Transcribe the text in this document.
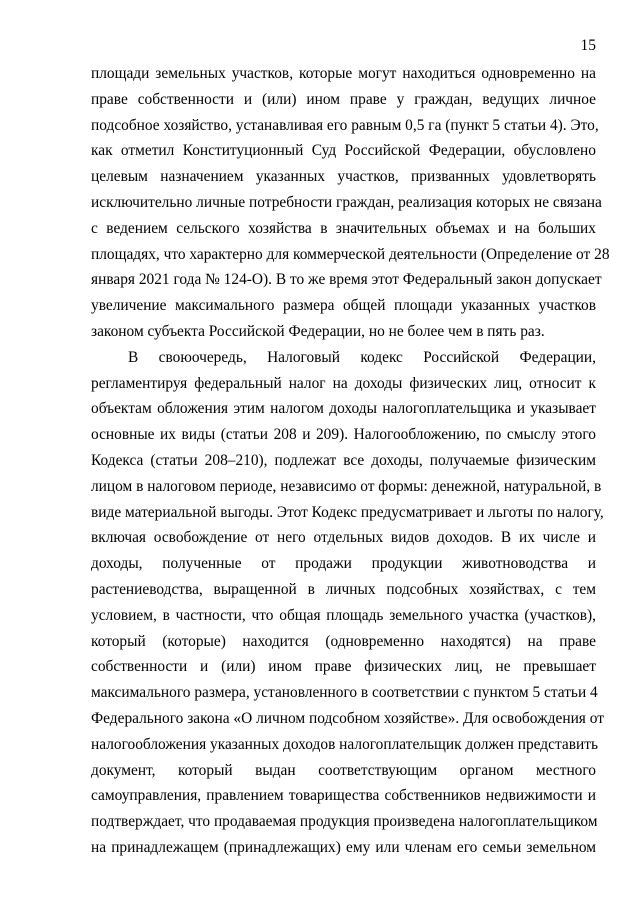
15
площади земельных участков, которые могут находиться одновременно на
праве собственности и (или) ином праве у граждан, ведущих личное
подсобное хозяйство, устанавливая его равным 0,5 га (пункт 5 статьи 4). Это,
как отметил Конституционный Суд Российской Федерации, обусловлено
целевым назначением указанных участков, призванных удовлетворять
исключительно личные потребности граждан, реализация которых не связана
с ведением сельского хозяйства в значительных объемах и на больших
площадях, что характерно для коммерческой деятельности (Определение от 28
января 2021 года № 124-О). В то же время этот Федеральный закон допускает
увеличение максимального размера общей площади указанных участков
законом субъекта Российской Федерации, но не более чем в пять раз.
В своюочередь, Налоговый кодекс Российской Федерации,
регламентируя федеральный налог на доходы физических лиц, относит к
объектам обложения этим налогом доходы налогоплательщика и указывает
основные их виды (статьи 208 и 209). Налогообложению, по смыслу этого
Кодекса (статьи 208–210), подлежат все доходы, получаемые физическим
лицом в налоговом периоде, независимо от формы: денежной, натуральной, в
виде материальной выгоды. Этот Кодекс предусматривает и льготы по налогу,
включая освобождение от него отдельных видов доходов. В их числе и
доходы, полученные от продажи продукции животноводства и
растениеводства, выращенной в личных подсобных хозяйствах, с тем
условием, в частности, что общая площадь земельного участка (участков),
который (которые) находится (одновременно находятся) на праве
собственности и (или) ином праве физических лиц, не превышает
максимального размера, установленного в соответствии с пунктом 5 статьи 4
Федерального закона «О личном подсобном хозяйстве». Для освобождения от
налогообложения указанных доходов налогоплательщик должен представить
документ, который выдан соответствующим органом местного
самоуправления, правлением товарищества собственников недвижимости и
подтверждает, что продаваемая продукция произведена налогоплательщиком
на принадлежащем (принадлежащих) ему или членам его семьи земельном
